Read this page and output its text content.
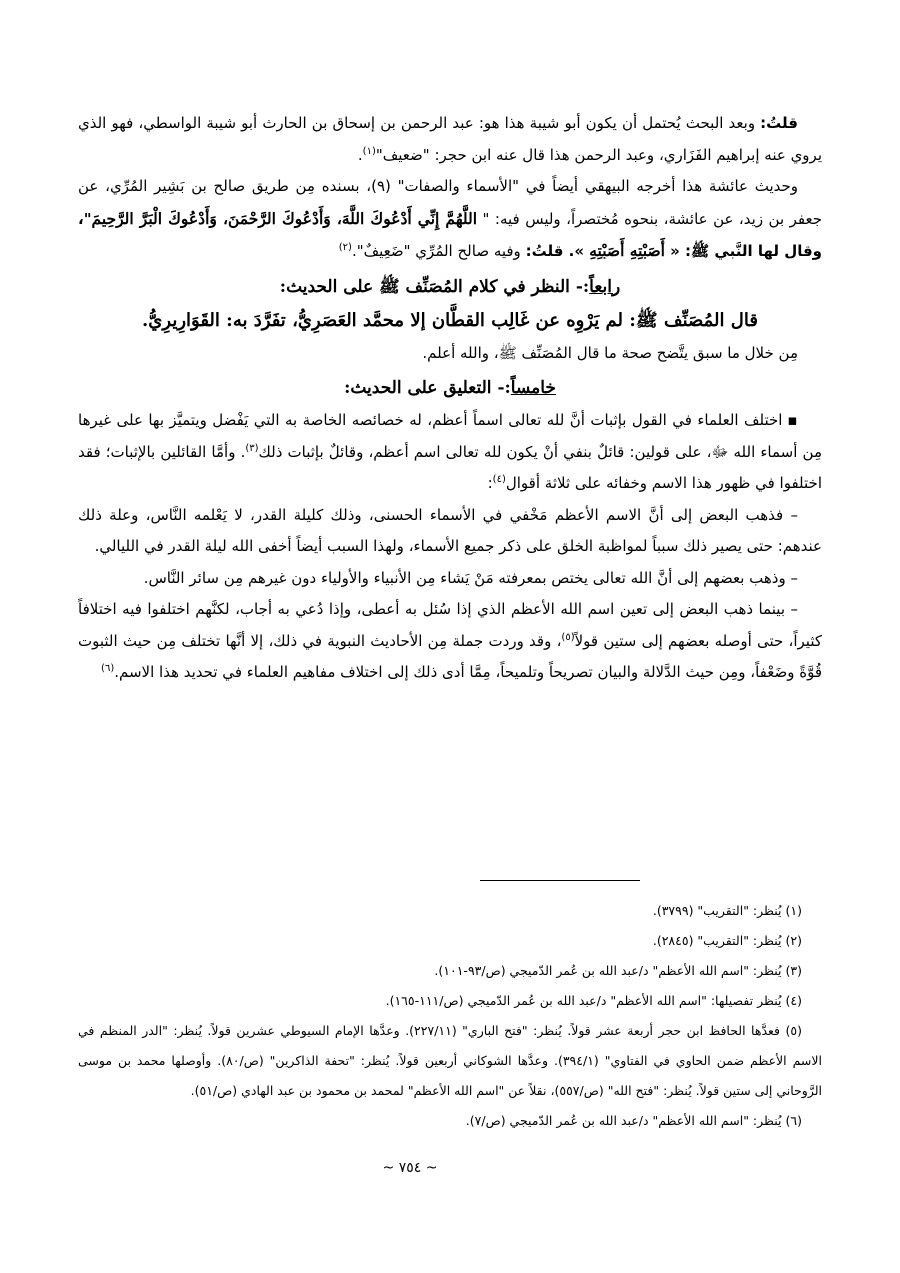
قلتُ: وبعد البحث يُحتمل أن يكون أبو شيبة هذا هو: عبد الرحمن بن إسحاق بن الحارث أبو شيبة الواسطي، فهو الذي يروي عنه إبراهيم الفَزَاري، وعبد الرحمن هذا قال عنه ابن حجر: "ضعيف"$^{(١)}$.

وحديث عائشة هذا أخرجه البيهقي أيضاً في "الأسماء والصفات" (٩)، بسنده مِن طريق صالح بن بَشِير المُرِّي، عن جعفر بن زيد، عن عائشة، بنحوه مُختصراً، وليس فيه: " اللَّهُمَّ إِنِّي أَدْعُوكَ اللَّهَ، وَأَدْعُوكَ الرَّحْمَنَ، وَأَدْعُوكَ الْبَرَّ الرَّحِيمَ"، وقال لها النَّبي ﷺ: « أَصَبْتِهِ أَصَبْتِهِ ». قلتُ: وفيه صالح المُرِّي "ضَعِيفٌ".$^{(٢)}$

رابعاً:- النظر في كلام المُصَنِّف ﷺ على الحديث:

قال المُصَنِّف ﷺ: لم يَرْوِه عن غَالِب القطَّان إلا محمَّد العَصَرِيُّ، تفَرَّدَ به: القَوَارِيرِيُّ.

مِن خلال ما سبق يتَّضح صحة ما قال المُصَنِّف ﷺ، والله أعلم.

خامساً:- التعليق على الحديث:

▪ اختلف العلماء في القول بإثبات أنَّ لله تعالى اسماً أعظم، له خصائصه الخاصة به التي يَفْضل ويتميَّز بها على غيرها مِن أسماء الله ﷻ، على قولين: قائلٌ بنفي أنْ يكون لله تعالى اسم أعظم، وقائلٌ بإثبات ذلك$^{(٣)}$. وأمَّا القائلين بالإثبات؛ فقد اختلفوا في ظهور هذا الاسم وخفائه على ثلاثة أقوال$^{(٤)}$:

– فذهب البعض إلى أنَّ الاسم الأعظم مَخْفي في الأسماء الحسنى، وذلك كليلة القدر، لا يَعْلمه النَّاس، وعلة ذلك عندهم: حتى يصير ذلك سبباً لمواظبة الخلق على ذكر جميع الأسماء، ولهذا السبب أيضاً أخفى الله ليلة القدر في الليالي.

– وذهب بعضهم إلى أنَّ الله تعالى يختص بمعرفته مَنْ يَشاء مِن الأنبياء والأولياء دون غيرهم مِن سائر النَّاس.

– بينما ذهب البعض إلى تعين اسم الله الأعظم الذي إذا سُئل به أعطى، وإذا دُعي به أجاب، لكنَّهم اختلفوا فيه اختلافاً كثيراً، حتى أوصله بعضهم إلى ستين قولاً$^{(٥)}$، وقد وردت جملة مِن الأحاديث النبوية في ذلك، إلا أنَّها تختلف مِن حيث الثبوت قُوَّةً وضَعْفاً، ومِن حيث الدَّلالة والبيان تصريحاً وتلميحاً، مِمَّا أدى ذلك إلى اختلاف مفاهيم العلماء في تحديد هذا الاسم.$^{(٦)}$

(١) يُنظر: "التقريب" (٣٧٩٩).

(٢) يُنظر: "التقريب" (٢٨٤٥).

(٣) يُنظر: "اسم الله الأعظم" د/عبد الله بن عُمر الدّميجي (ص/٩٣-١٠١).

(٤) يُنظر تفصيلها: "اسم الله الأعظم" د/عبد الله بن عُمر الدّميجي (ص/١١١-١٦٥).

(٥) فعدَّها الحافظ ابن حجر أربعة عشر قولاً. يُنظر: "فتح الباري" (٢٢٧/١١). وعدَّها الإمام السيوطي عشرين قولاً. يُنظر: "الدر المنظم في الاسم الأعظم ضمن الحاوي في الفتاوي" (٣٩٤/١). وعدَّها الشوكاني أربعين قولاً. يُنظر: "تحفة الذاكرين" (ص/٨٠). وأوصلها محمد بن موسى الرَّوحاني إلى ستين قولاً. يُنظر: "فتح الله" (ص/٥٥٧)، نقلاً عن "اسم الله الأعظم" لمحمد بن محمود بن عبد الهادي (ص/٥١).

(٦) يُنظر: "اسم الله الأعظم" د/عبد الله بن عُمر الدّميجي (ص/٧).

~ ٧٥٤ ~
